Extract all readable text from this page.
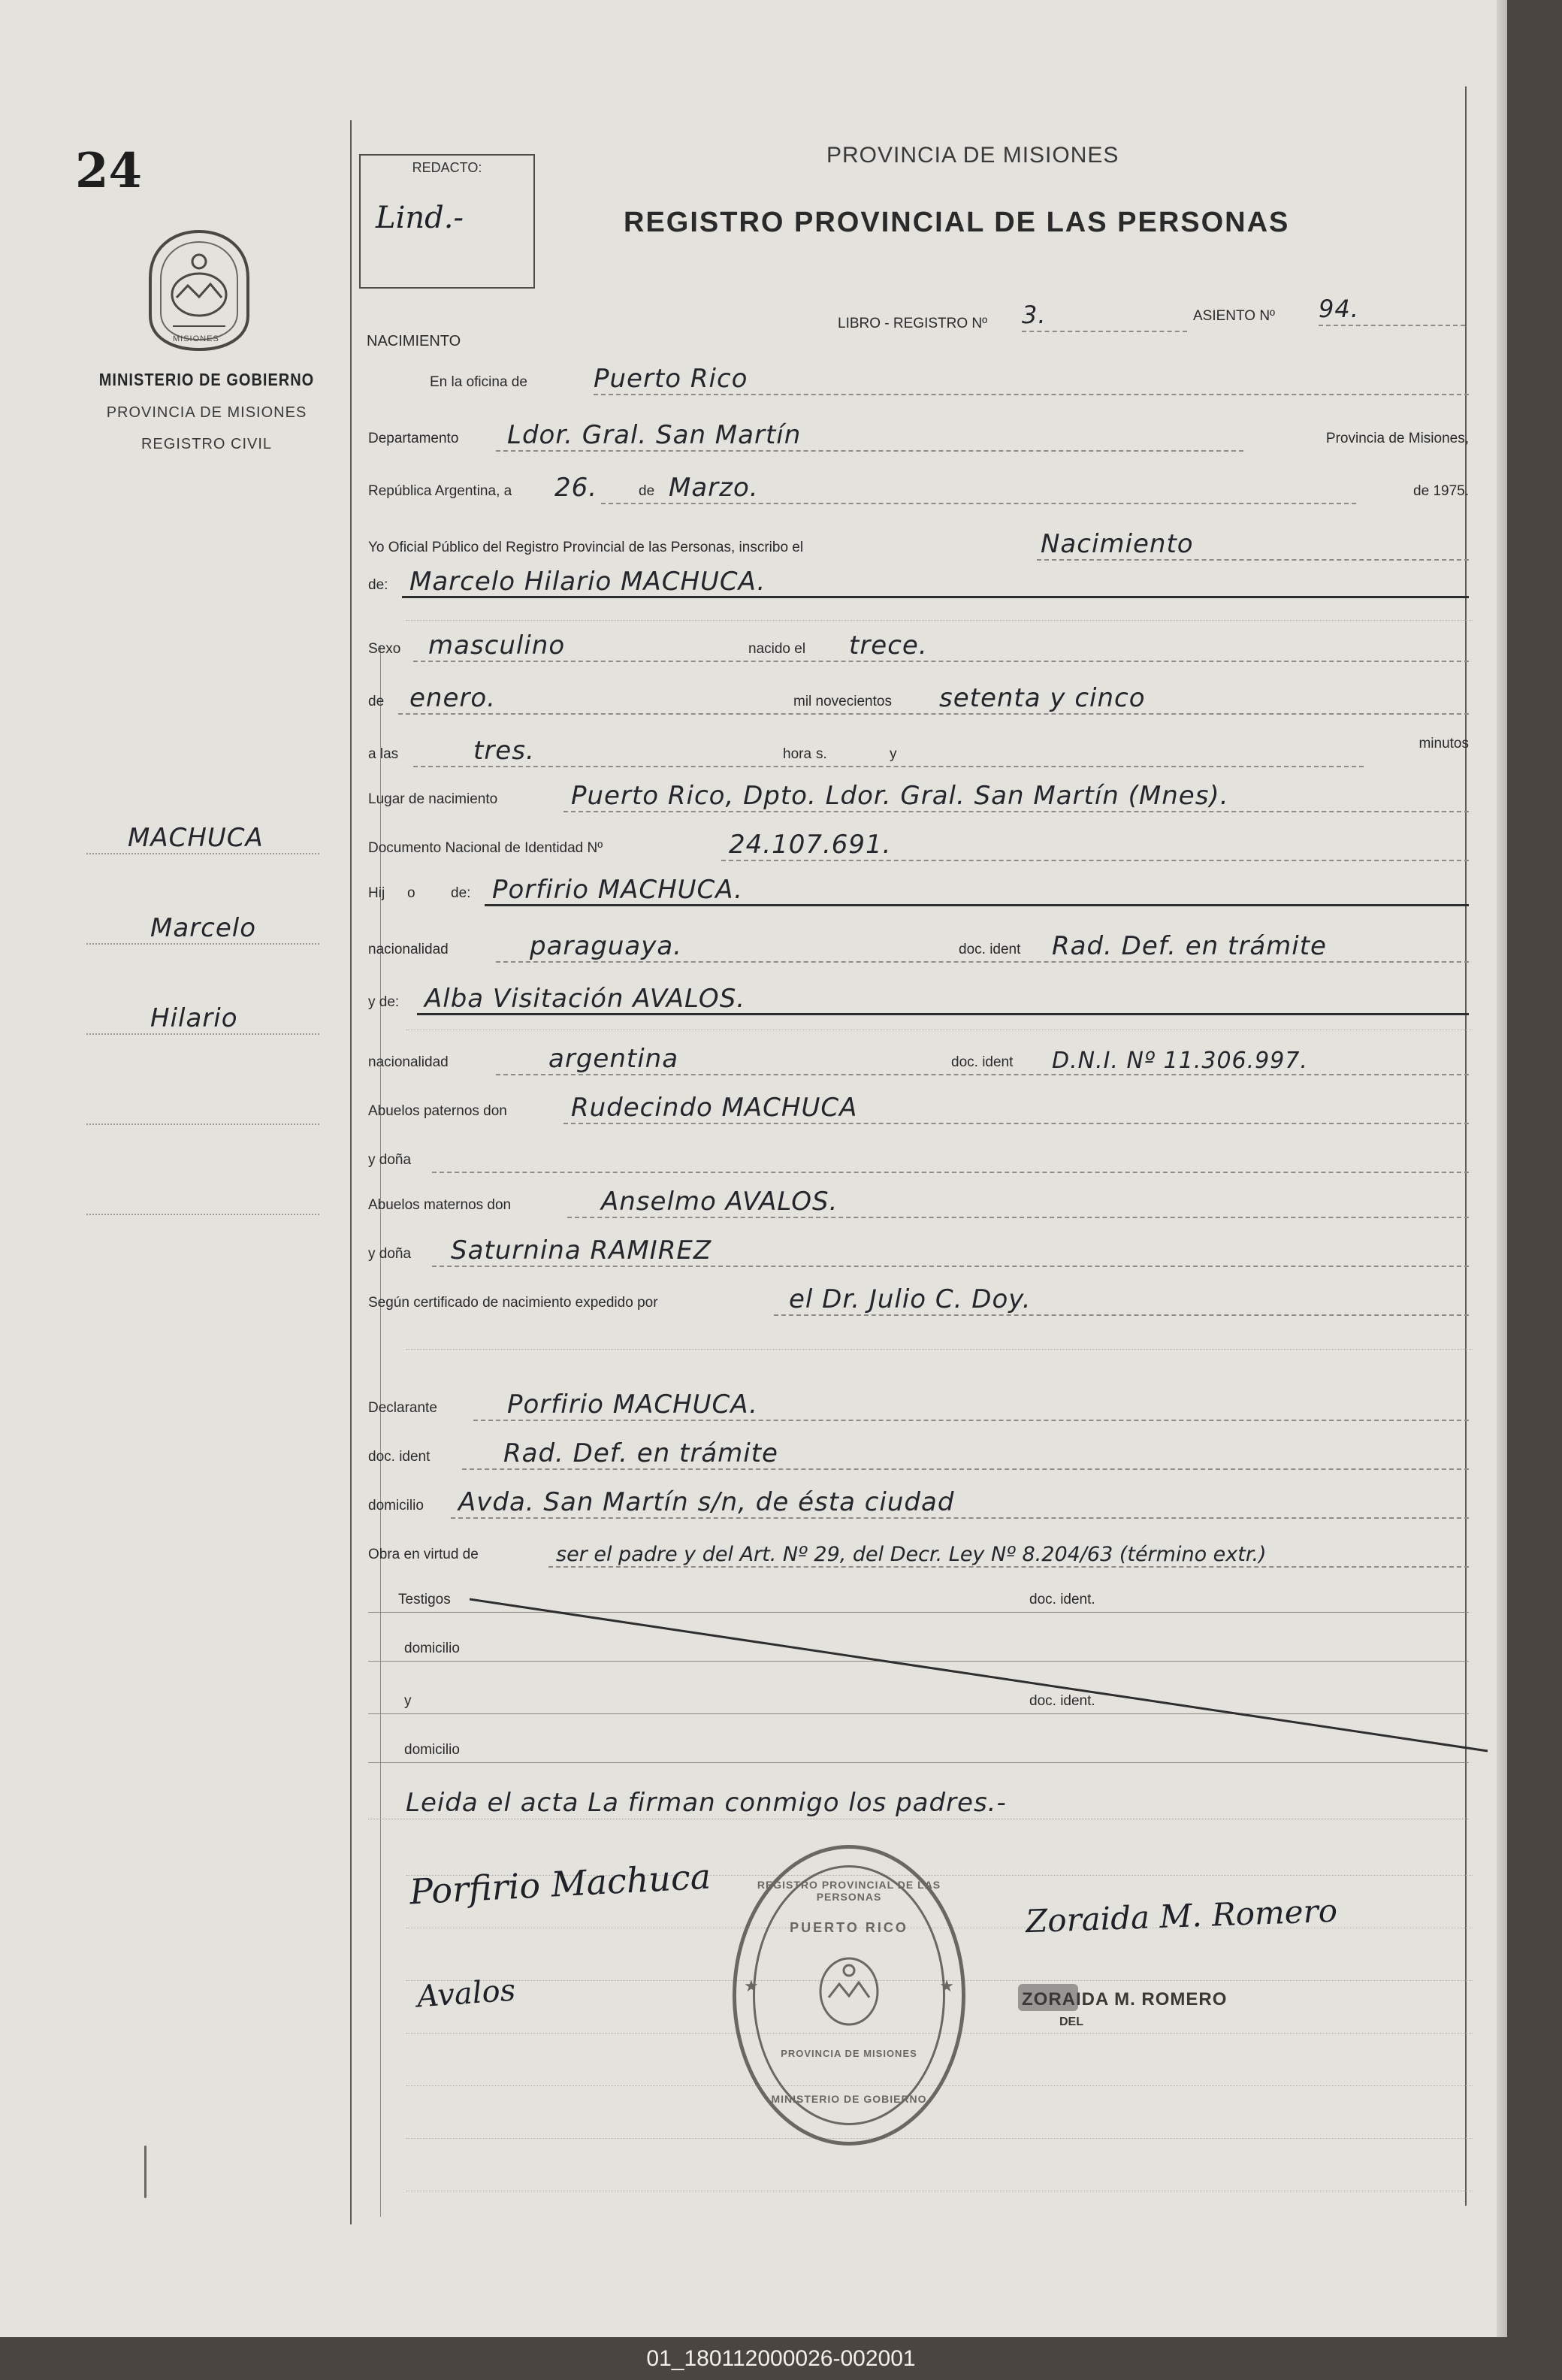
24
MISIONES
MINISTERIO DE GOBIERNO
PROVINCIA DE MISIONES
REGISTRO CIVIL
MACHUCA
Marcelo
Hilario
REDACTO:
Lind.-
PROVINCIA DE MISIONES
REGISTRO PROVINCIAL DE LAS PERSONAS
NACIMIENTO
LIBRO - REGISTRO Nº 3.	ASIENTO Nº 94.
En la oficina de	Puerto Rico
Departamento Ldor. Gral. San Martín	Provincia de Misiones,
República Argentina, a 26.	de Marzo.	de 1975.
Yo Oficial Público del Registro Provincial de las Personas, inscribo el	Nacimiento
de: Marcelo Hilario MACHUCA.
Sexo masculino	nacido el trece.
de enero.	mil novecientos setenta y cinco
a las	tres.	hora s.	y
minutos
Lugar de nacimiento	Puerto Rico, Dpto. Ldor. Gral. San Martín (Mnes).
Documento Nacional de Identidad Nº	24.107.691.
Hij o de: Porfirio MACHUCA.
nacionalidad	paraguaya.	doc. ident Rad. Def. en trámite
y de: Alba Visitación AVALOS.
nacionalidad	argentina	doc. ident D.N.I. Nº 11.306.997.
Abuelos paternos don	Rudecindo MACHUCA
y doña
Abuelos maternos don	Anselmo AVALOS.
y doña Saturnina RAMIREZ
Según certificado de nacimiento expedido por	el Dr. Julio C. Doy.
Declarante	Porfirio MACHUCA.
doc. ident	Rad. Def. en trámite
domicilio Avda. San Martín s/n, de ésta ciudad
Obra en virtud de	ser el padre y del Art. Nº 29, del Decr. Ley Nº 8.204/63 (término extr.)
Testigos	doc. ident.
domicilio
y	doc. ident.
domicilio
Leida el acta La firman conmigo los padres.-
Porfirio Machuca
Avalos
Zoraida M. Romero
ZORAIDA M. ROMERO
DEL
REGISTRO PROVINCIAL DE LAS PERSONAS
PUERTO RICO
★	★
PROVINCIA DE MISIONES
MINISTERIO DE GOBIERNO
01_180112000026-002001
